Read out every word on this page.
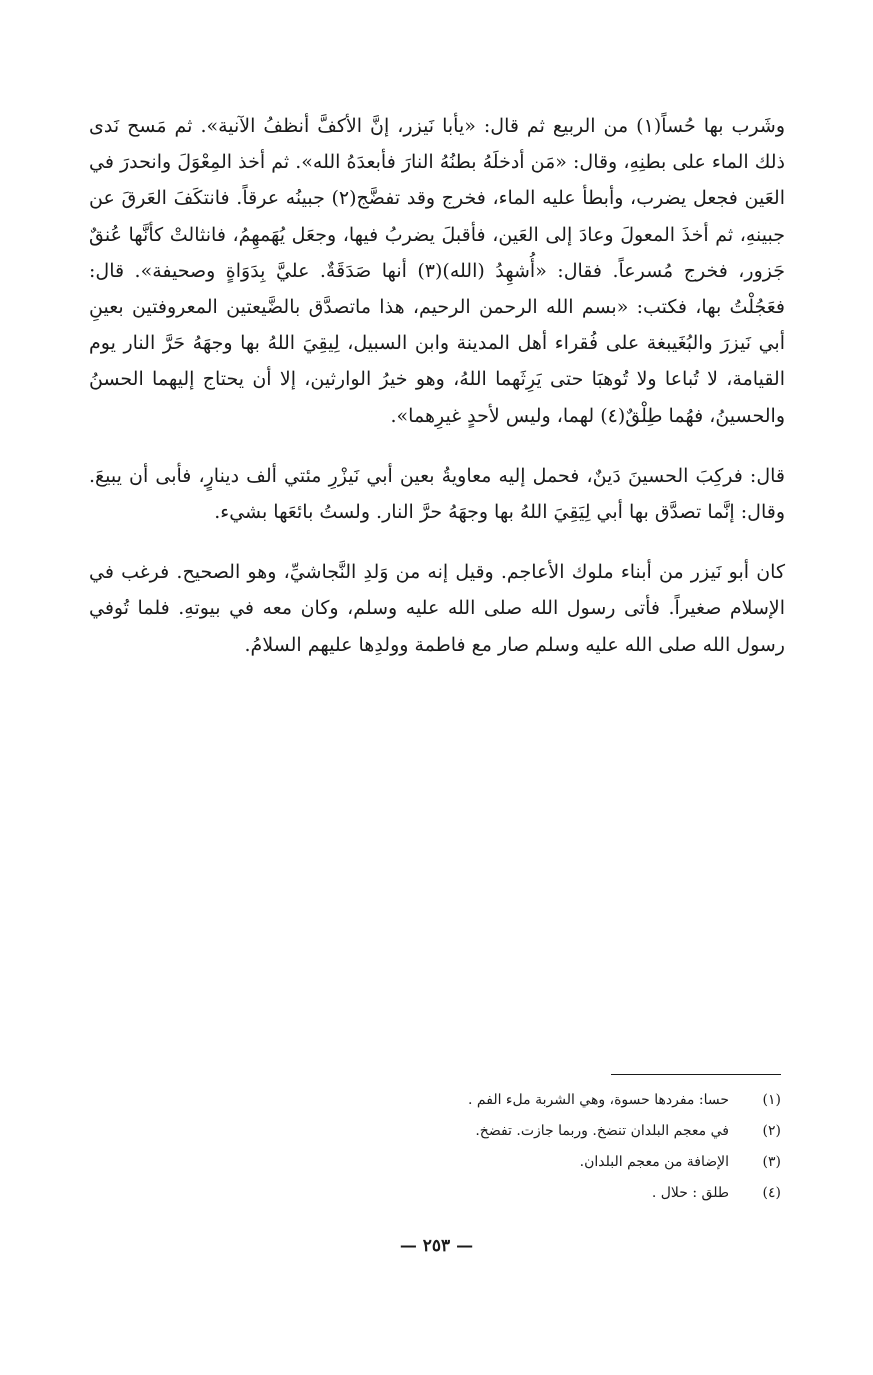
وشَرب بها حُساً(١) من الربيع ثم قال: «يأبا نَيزر، إنَّ الأكفَّ أنظفُ الآنية». ثم مَسح نَدى ذلك الماء على بطنِهِ، وقال: «مَن أدخلَهُ بطنُهُ النارَ فأبعدَهُ الله». ثم أخذ المِعْوَلَ وانحدرَ في العَين فجعل يضرب، وأبطأ عليه الماء، فخرج وقد تفضَّج(٢) جبينُه عرقاً. فانتكَفَ العَرقَ عن جبينهِ، ثم أخذَ المعولَ وعادَ إلى العَين، فأقبلَ يضربُ فيها، وجعَل يُهَمهِمُ، فانثالتْ كأنَّها عُنقٌ جَزور، فخرج مُسرعاً. فقال: «أُشهِدُ (الله)(٣) أنها صَدَقَةٌ. عليَّ بِدَوَاةٍ وصحيفة». قال: فعَجُلْتُ بها، فكتب: «بسم الله الرحمن الرحيم، هذا ماتصدَّق بالضَّيعتين المعروفتين بعينِ أبي نَيزرَ والبُغَيبغة على فُقراء أهل المدينة وابن السبيل، لِيقِيَ اللهُ بها وجهَهُ حَرَّ النار يوم القيامة، لا تُباعا ولا تُوهبَا حتى يَرِثَهما اللهُ، وهو خيرُ الوارثين، إلا أن يحتاج إليهما الحسنُ والحسينُ، فهُما طِلْقٌ(٤) لهما، وليس لأحدٍ غيرِهما».

قال: فركِبَ الحسينَ دَينٌ، فحمل إليه معاويةُ بعين أبي نَيزْرِ مئتي ألف دينارٍ، فأبى أن يبيعَ. وقال: إنَّما تصدَّق بها أبي لِيَقِيَ اللهُ بها وجهَهُ حرَّ النار. ولستُ بائعَها بشيء.

كان أبو نَيزر من أبناء ملوك الأعاجم. وقيل إنه من وَلدِ النَّجاشيِّ، وهو الصحيح. فرغب في الإسلام صغيراً. فأتى رسول الله صلى الله عليه وسلم، وكان معه في بيوتهِ. فلما تُوفي رسول الله صلى الله عليه وسلم صار مع فاطمة وولدِها عليهم السلامُ.

(١)
حسا: مفردها حسوة، وهي الشربة ملء الفم .
(٢)
في معجم البلدان تنضخ. وربما جازت. تفضخ.
(٣)
الإضافة من معجم البلدان.
(٤)
طلق : حلال .
— ٢٥٣ —
